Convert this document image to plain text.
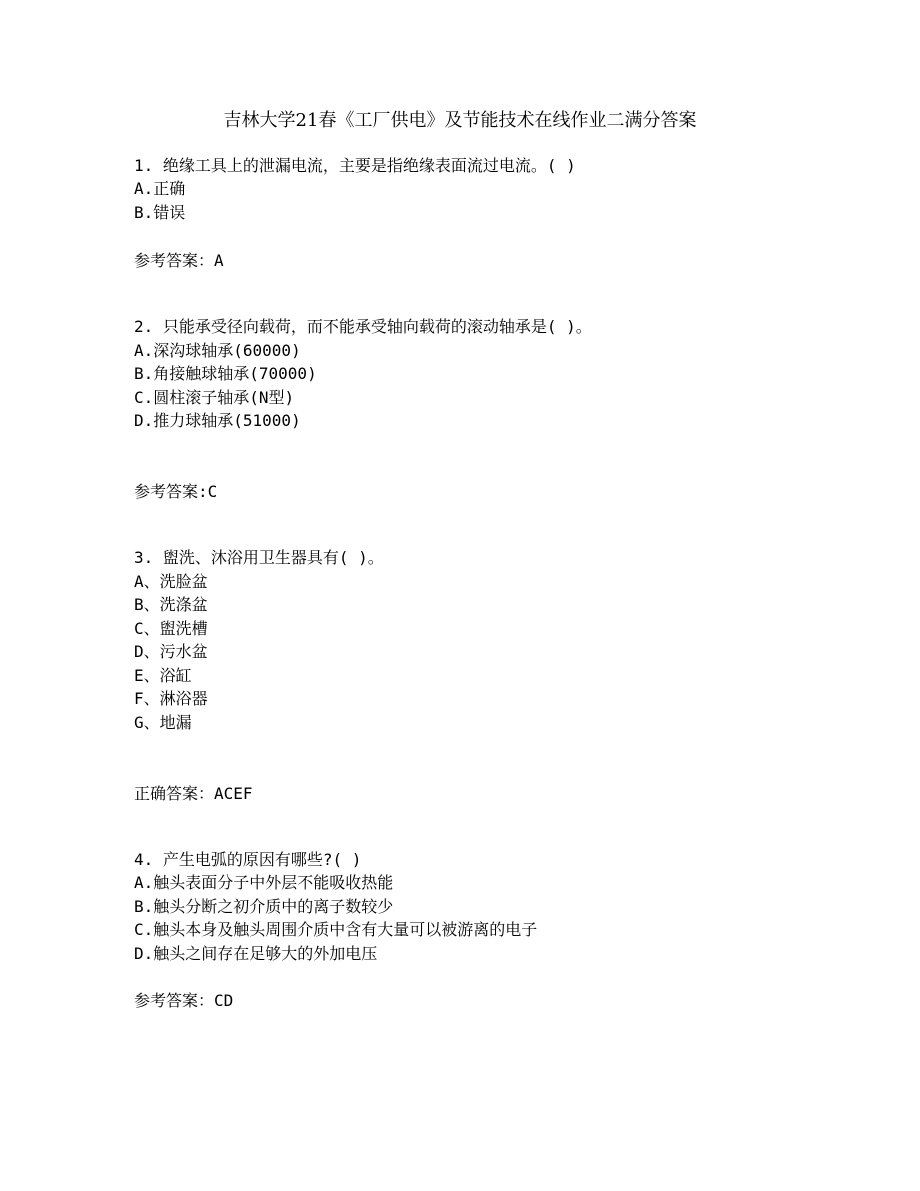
吉林大学21春《工厂供电》及节能技术在线作业二满分答案
1. 绝缘工具上的泄漏电流，主要是指绝缘表面流过电流。( )
A.正确
B.错误
参考答案：A
2. 只能承受径向载荷，而不能承受轴向载荷的滚动轴承是( )。
A.深沟球轴承(60000)
B.角接触球轴承(70000)
C.圆柱滚子轴承(N型)
D.推力球轴承(51000)
参考答案:C
3. 盥洗、沐浴用卫生器具有( )。
A、洗脸盆
B、洗涤盆
C、盥洗槽
D、污水盆
E、浴缸
F、淋浴器
G、地漏
正确答案：ACEF
4. 产生电弧的原因有哪些?( )
A.触头表面分子中外层不能吸收热能
B.触头分断之初介质中的离子数较少
C.触头本身及触头周围介质中含有大量可以被游离的电子
D.触头之间存在足够大的外加电压
参考答案：CD
